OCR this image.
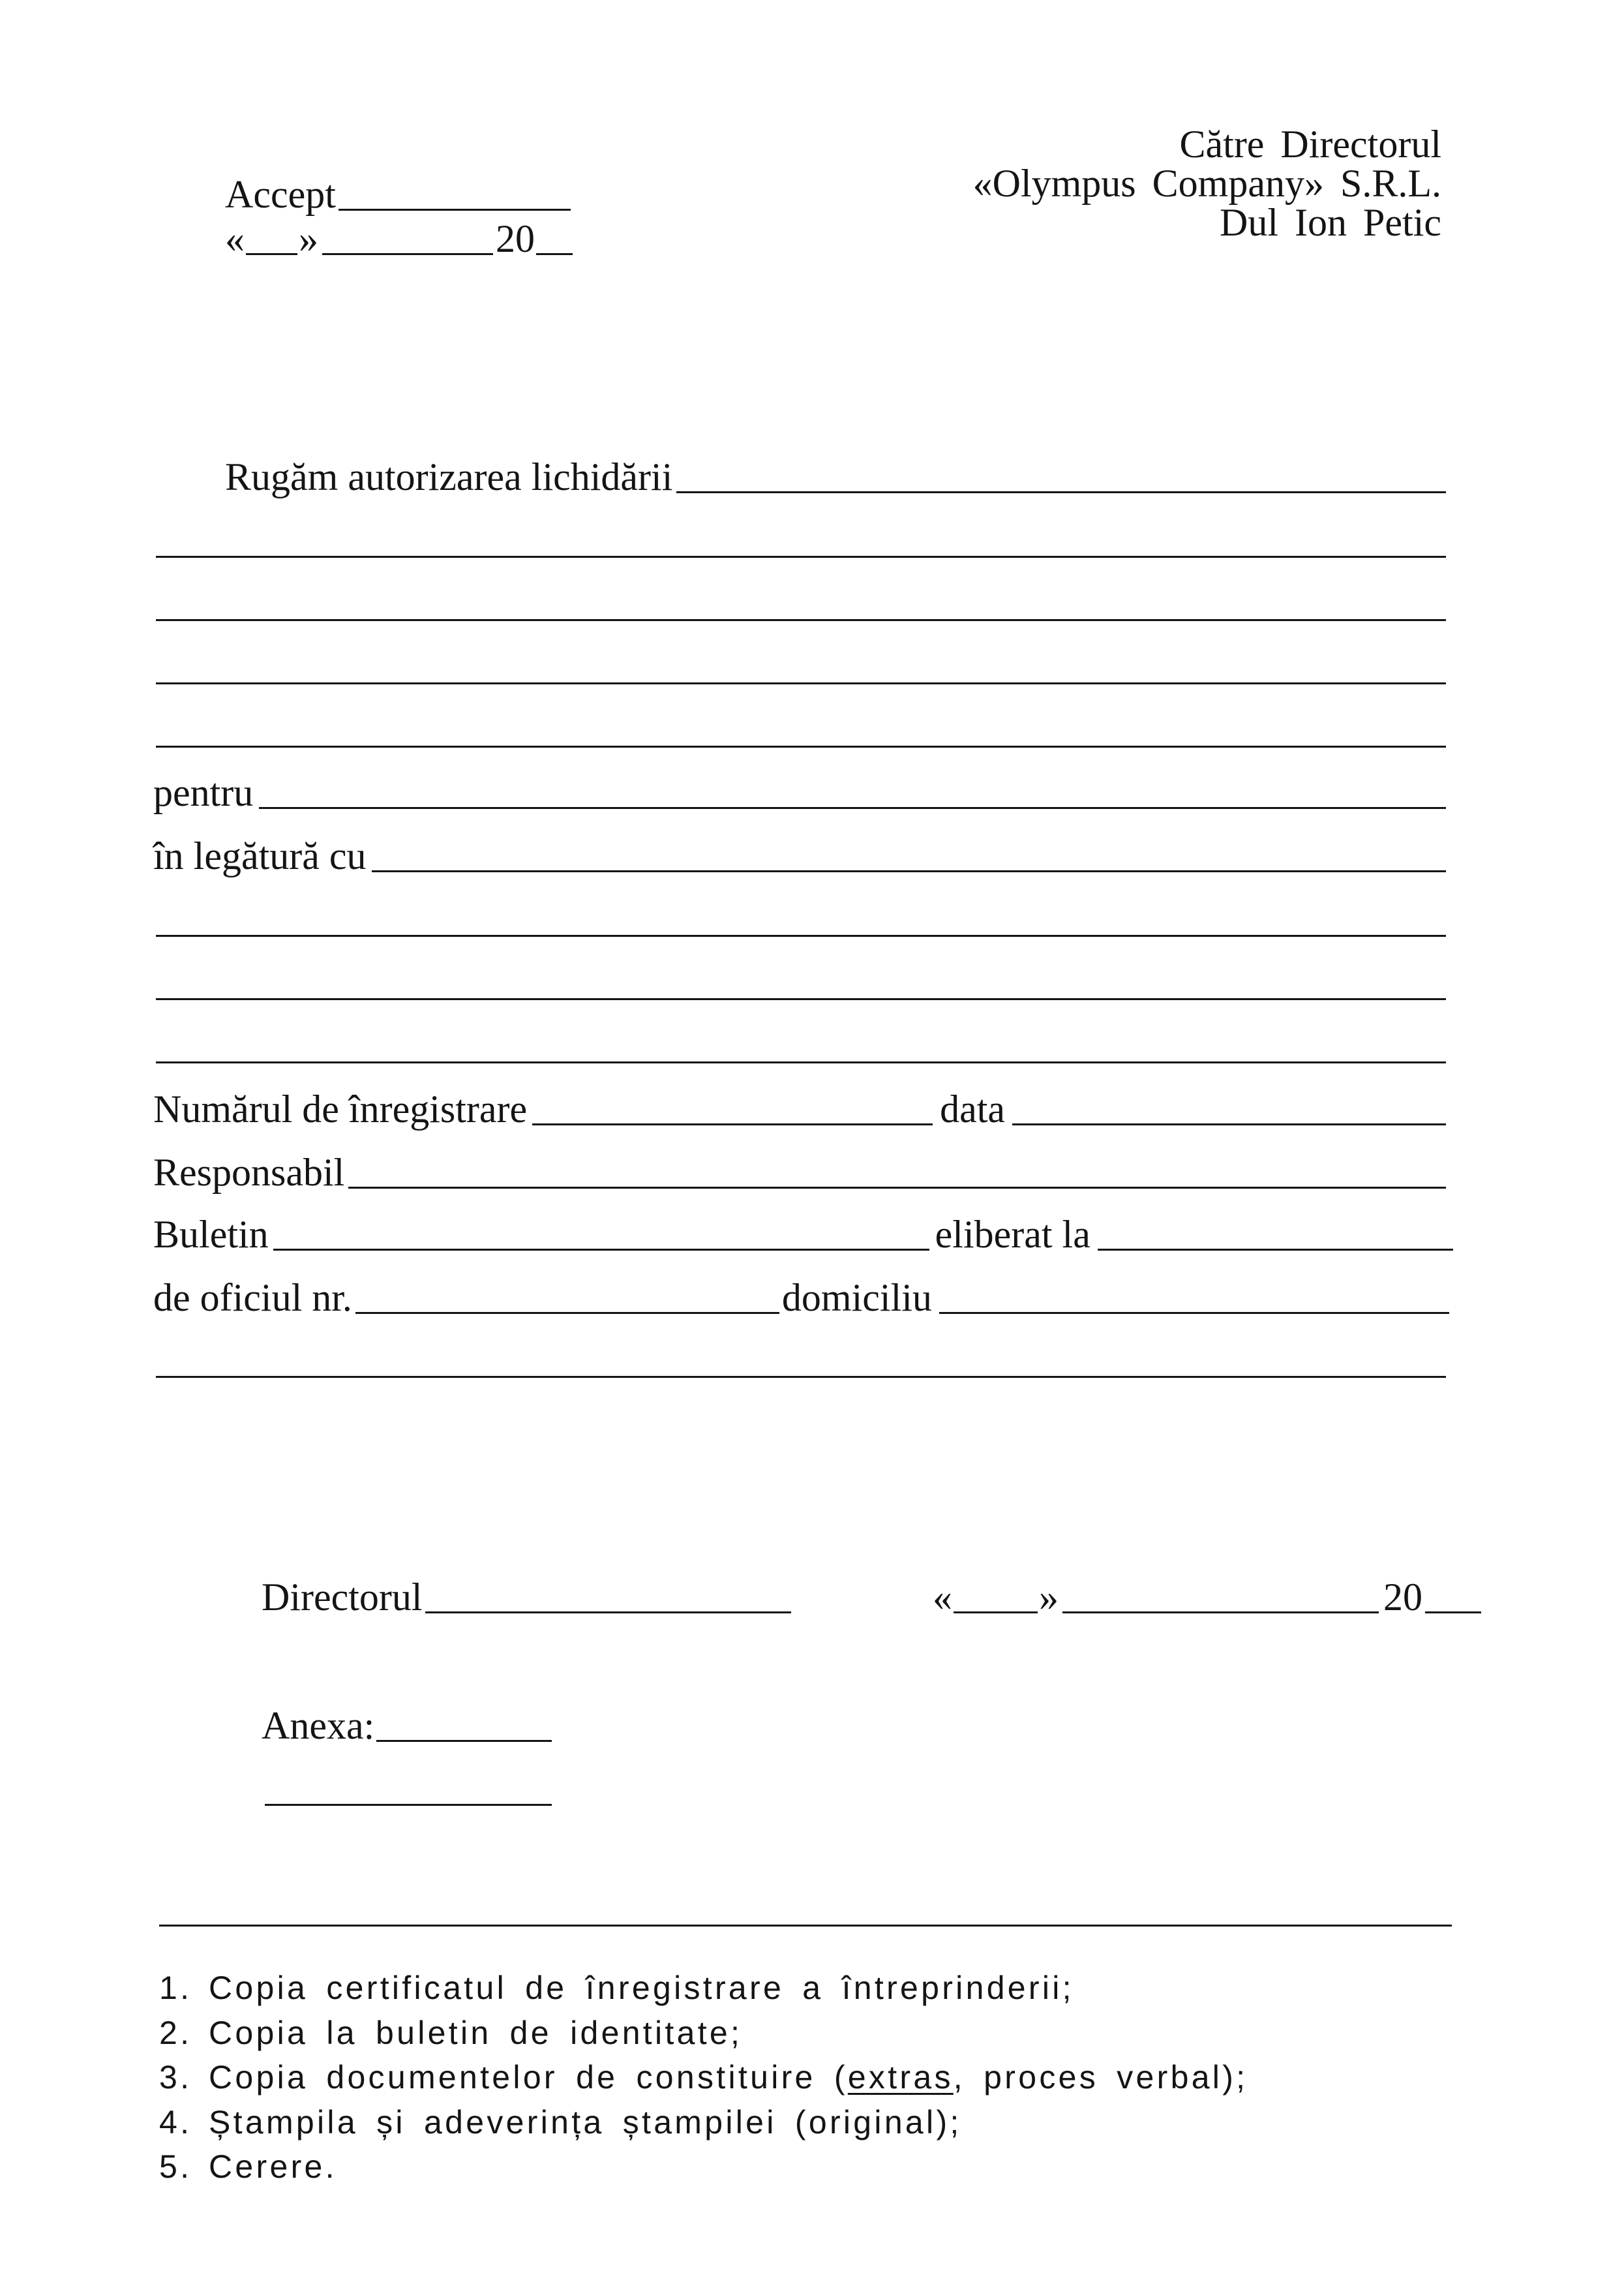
Către Directorul
«Olympus Company» S.R.L.
Dul Ion Petic
Accept
« »	20
Rugăm autorizarea lichidării
pentru
în legătură cu
Numărul de înregistrare	data
Responsabil
Buletin	eliberat la
de oficiul nr.	domiciliu
Directorul	« »	20
Anexa:
1. Copia certificatul de înregistrare a întreprinderii;
2. Copia la buletin de identitate;
3. Copia documentelor de constituire (extras, proces verbal);
4. Ștampila și adeverința ștampilei (original);
5. Cerere.
